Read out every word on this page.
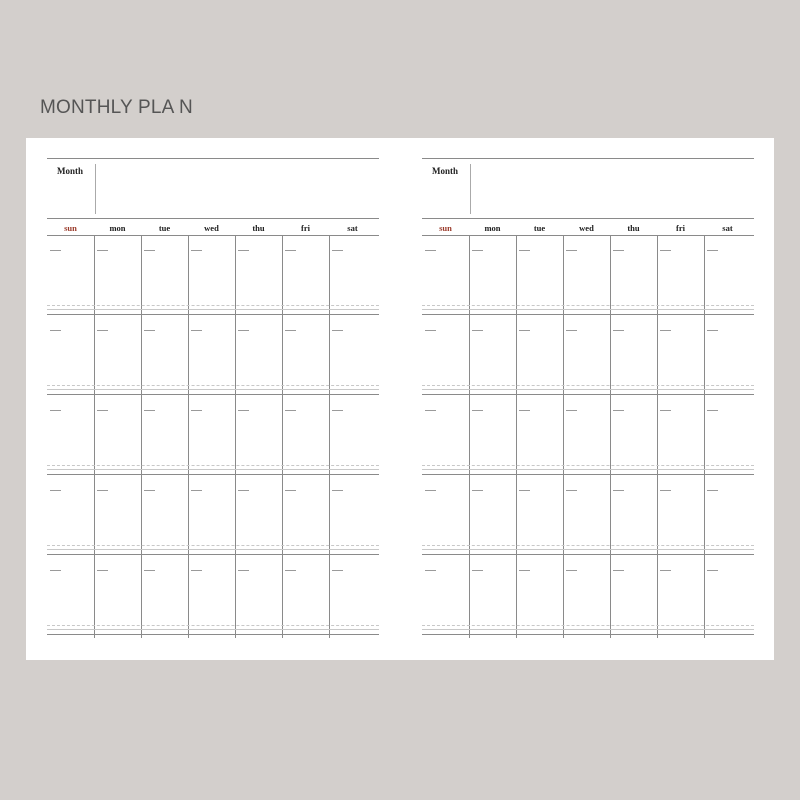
MONTHLY PLA N
Month
sun	mon	tue	wed	thu	fri	sat
Month
sun	mon	tue	wed	thu	fri	sat
